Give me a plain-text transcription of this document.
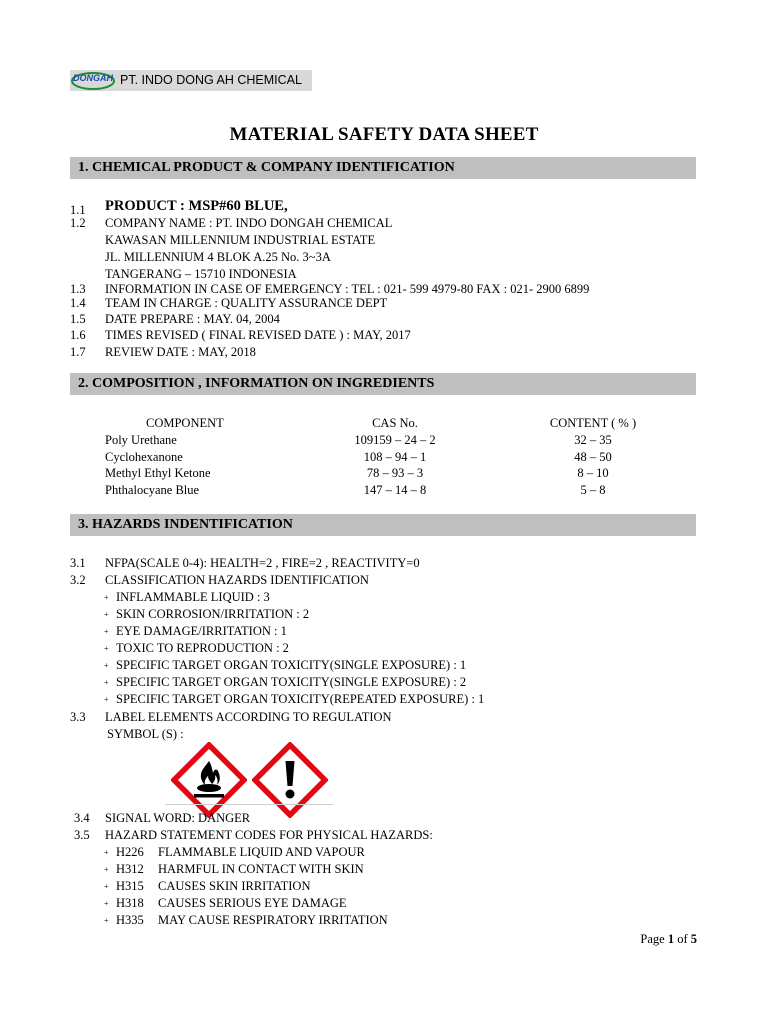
DONGAH PT. INDO DONG AH CHEMICAL
MATERIAL SAFETY DATA SHEET
1. CHEMICAL PRODUCT & COMPANY IDENTIFICATION
1.1 PRODUCT : MSP#60 BLUE,
1.2 COMPANY NAME : PT. INDO DONGAH CHEMICAL
KAWASAN MILLENNIUM INDUSTRIAL ESTATE
JL. MILLENNIUM 4 BLOK A.25 No. 3~3A
TANGERANG – 15710 INDONESIA
1.3 INFORMATION IN CASE OF EMERGENCY : TEL : 021- 599 4979-80 FAX : 021- 2900 6899
1.4 TEAM IN CHARGE : QUALITY ASSURANCE DEPT
1.5 DATE PREPARE : MAY. 04, 2004
1.6 TIMES REVISED ( FINAL REVISED DATE ) : MAY, 2017
1.7 REVIEW DATE : MAY, 2018
2. COMPOSITION , INFORMATION ON INGREDIENTS
COMPONENT	CAS No.	CONTENT ( % )
Poly Urethane	109159 – 24 – 2	32 – 35
Cyclohexanone	108 – 94 – 1	48 – 50
Methyl Ethyl Ketone	78 – 93 – 3	8 – 10
Phthalocyane Blue	147 – 14 – 8	5 – 8
3. HAZARDS INDENTIFICATION
3.1 NFPA(SCALE 0-4): HEALTH=2 , FIRE=2 , REACTIVITY=0
3.2 CLASSIFICATION HAZARDS IDENTIFICATION
+ INFLAMMABLE LIQUID : 3
+ SKIN CORROSION/IRRITATION : 2
+ EYE DAMAGE/IRRITATION : 1
+ TOXIC TO REPRODUCTION : 2
+ SPECIFIC TARGET ORGAN TOXICITY(SINGLE EXPOSURE) : 1
+ SPECIFIC TARGET ORGAN TOXICITY(SINGLE EXPOSURE) : 2
+ SPECIFIC TARGET ORGAN TOXICITY(REPEATED EXPOSURE) : 1
3.3 LABEL ELEMENTS ACCORDING TO REGULATION
SYMBOL (S) :
3.4 SIGNAL WORD: DANGER
3.5 HAZARD STATEMENT CODES FOR PHYSICAL HAZARDS:
+ H226 FLAMMABLE LIQUID AND VAPOUR
+ H312 HARMFUL IN CONTACT WITH SKIN
+ H315 CAUSES SKIN IRRITATION
+ H318 CAUSES SERIOUS EYE DAMAGE
+ H335 MAY CAUSE RESPIRATORY IRRITATION
Page 1 of 5
